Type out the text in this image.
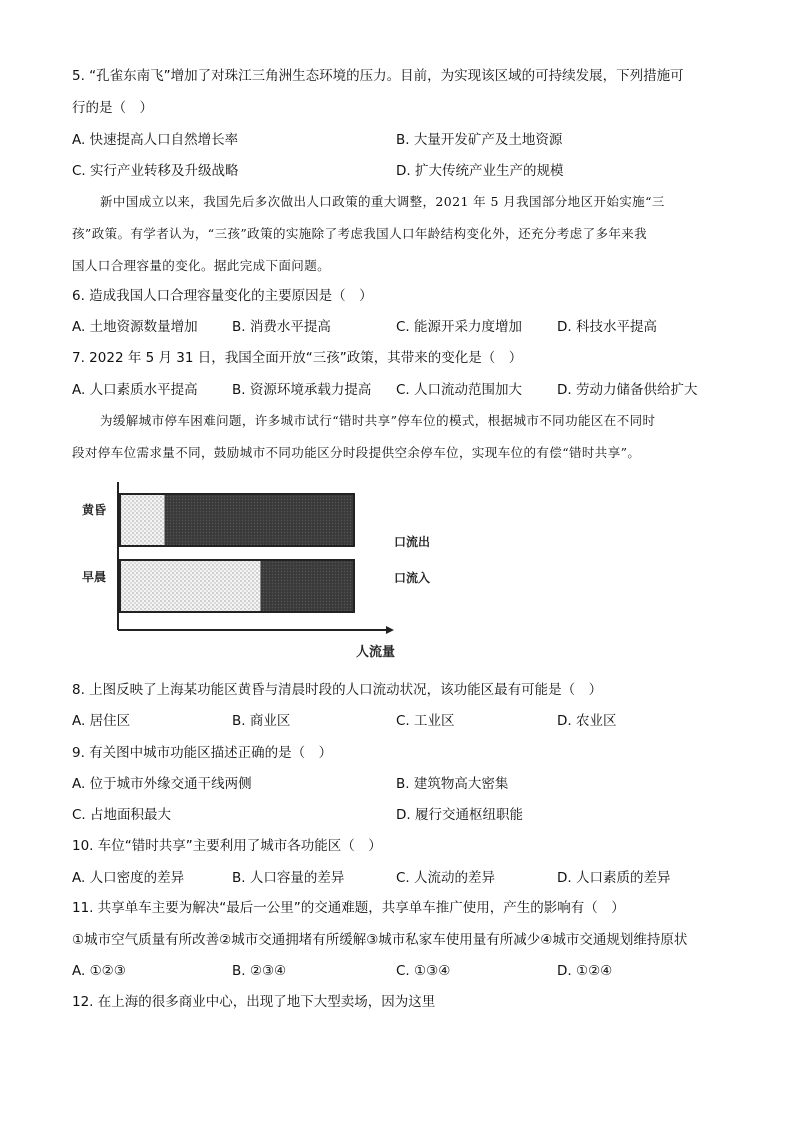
5. “孔雀东南飞”增加了对珠江三角洲生态环境的压力。目前，为实现该区域的可持续发展，下列措施可
行的是（　）
A. 快速提高人口自然增长率	B. 大量开发矿产及土地资源
C. 实行产业转移及升级战略	D. 扩大传统产业生产的规模
新中国成立以来，我国先后多次做出人口政策的重大调整，2021 年 5 月我国部分地区开始实施“三
孩”政策。有学者认为，“三孩”政策的实施除了考虑我国人口年龄结构变化外，还充分考虑了多年来我
国人口合理容量的变化。据此完成下面问题。
6. 造成我国人口合理容量变化的主要原因是（　）
A. 土地资源数量增加	B. 消费水平提高	C. 能源开采力度增加	D. 科技水平提高
7. 2022 年 5 月 31 日，我国全面开放“三孩”政策，其带来的变化是（　）
A. 人口素质水平提高	B. 资源环境承载力提高 C. 人口流动范围加大	D. 劳动力储备供给扩大
为缓解城市停车困难问题，许多城市试行“错时共享”停车位的模式，根据城市不同功能区在不同时
段对停车位需求量不同，鼓励城市不同功能区分时段提供空余停车位，实现车位的有偿“错时共享”。
黄昏
早晨
口流出
口流入
人流量
8. 上图反映了上海某功能区黄昏与清晨时段的人口流动状况，该功能区最有可能是（　）
A. 居住区	B. 商业区	C. 工业区	D. 农业区
9. 有关图中城市功能区描述正确的是（　）
A. 位于城市外缘交通干线两侧	B. 建筑物高大密集
C. 占地面积最大	D. 履行交通枢纽职能
10. 车位“错时共享”主要利用了城市各功能区（　）
A. 人口密度的差异	B. 人口容量的差异	C. 人流动的差异	D. 人口素质的差异
11. 共享单车主要为解决“最后一公里”的交通难题，共享单车推广使用，产生的影响有（　）
①城市空气质量有所改善②城市交通拥堵有所缓解③城市私家车使用量有所减少④城市交通规划维持原状
A. ①②③	B. ②③④	C. ①③④	D. ①②④
12. 在上海的很多商业中心，出现了地下大型卖场，因为这里
